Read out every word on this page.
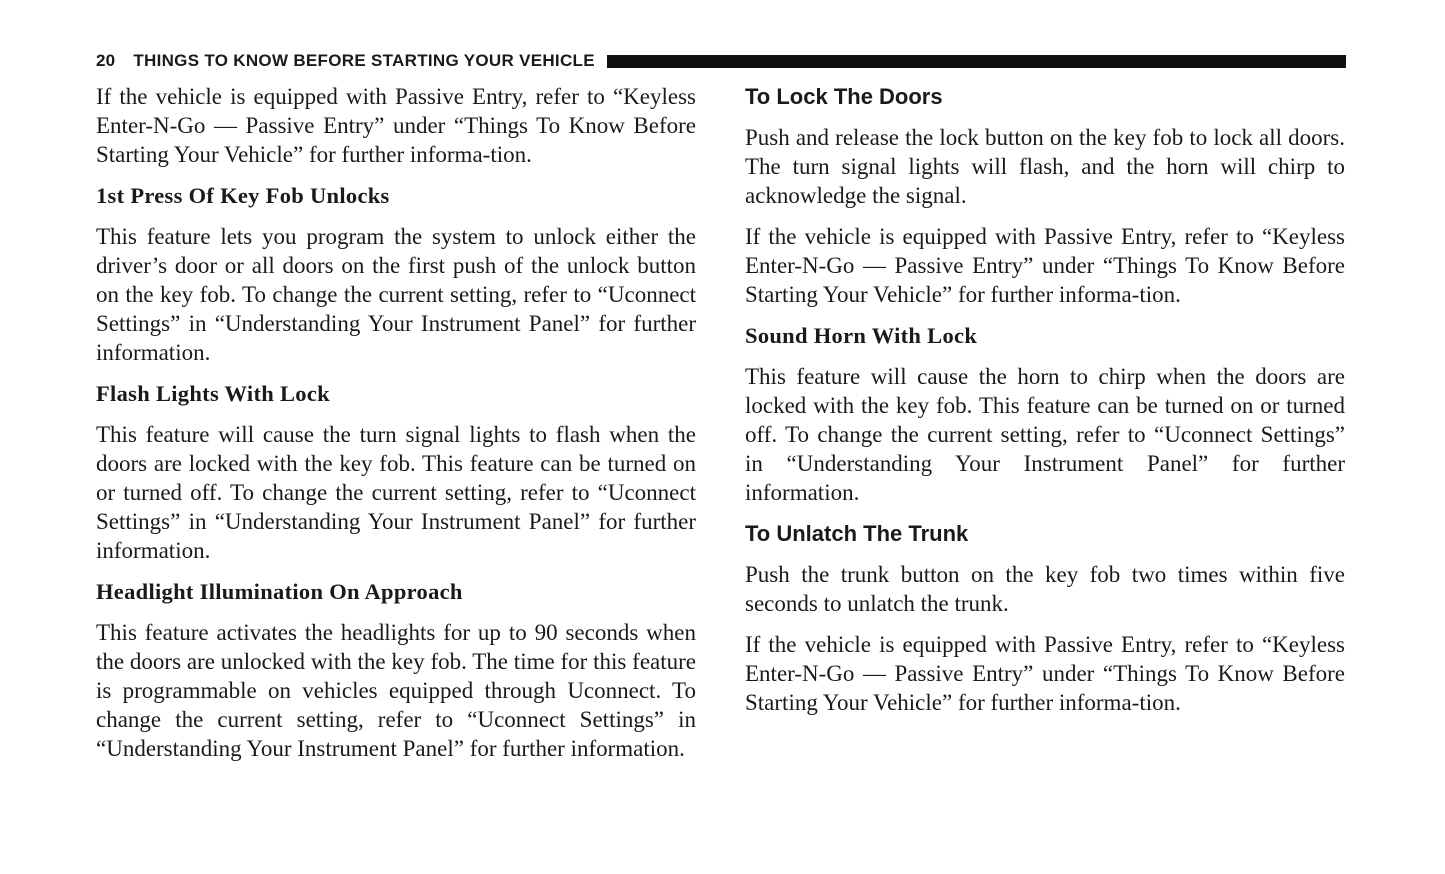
20 THINGS TO KNOW BEFORE STARTING YOUR VEHICLE

If the vehicle is equipped with Passive Entry, refer to “Keyless Enter-N-Go — Passive Entry” under “Things To Know Before Starting Your Vehicle” for further informa-tion.

1st Press Of Key Fob Unlocks

This feature lets you program the system to unlock either the driver’s door or all doors on the first push of the unlock button on the key fob. To change the current setting, refer to “Uconnect Settings” in “Understanding Your Instrument Panel” for further information.

Flash Lights With Lock

This feature will cause the turn signal lights to flash when the doors are locked with the key fob. This feature can be turned on or turned off. To change the current setting, refer to “Uconnect Settings” in “Understanding Your Instrument Panel” for further information.

Headlight Illumination On Approach

This feature activates the headlights for up to 90 seconds when the doors are unlocked with the key fob. The time for this feature is programmable on vehicles equipped through Uconnect. To change the current setting, refer to “Uconnect Settings” in “Understanding Your Instrument Panel” for further information.

To Lock The Doors

Push and release the lock button on the key fob to lock all doors. The turn signal lights will flash, and the horn will chirp to acknowledge the signal.

If the vehicle is equipped with Passive Entry, refer to “Keyless Enter-N-Go — Passive Entry” under “Things To Know Before Starting Your Vehicle” for further informa-tion.

Sound Horn With Lock

This feature will cause the horn to chirp when the doors are locked with the key fob. This feature can be turned on or turned off. To change the current setting, refer to “Uconnect Settings” in “Understanding Your Instrument Panel” for further information.

To Unlatch The Trunk

Push the trunk button on the key fob two times within five seconds to unlatch the trunk.

If the vehicle is equipped with Passive Entry, refer to “Keyless Enter-N-Go — Passive Entry” under “Things To Know Before Starting Your Vehicle” for further informa-tion.
